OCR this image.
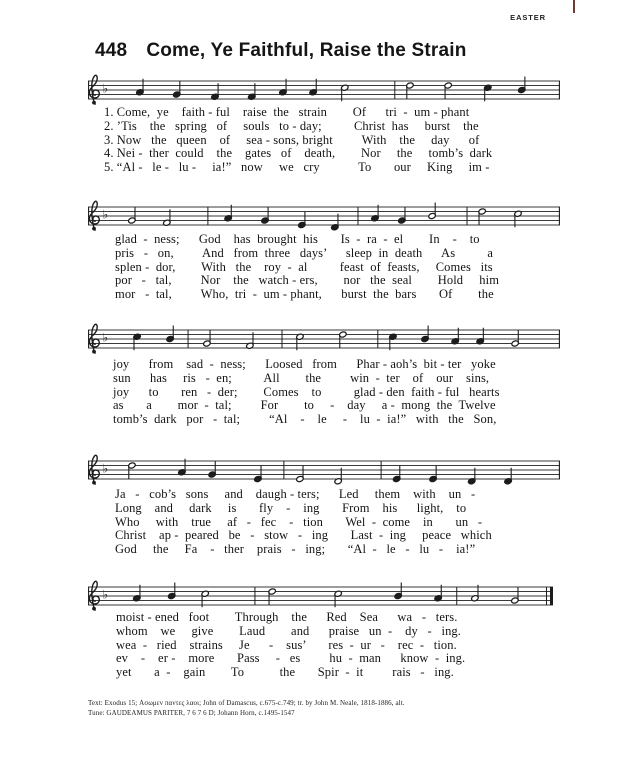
EASTER
448 Come, Ye Faithful, Raise the Strain
♭
1. Come,  ye    faith - ful    raise  the   strain        Of      tri  -  um - phant
2. ’Tis    the   spring   of     souls   to - day;          Christ  has     burst    the
3. Now   the   queen    of     sea - sons, bright         With    the     day      of
4. Nei -  ther  could    the    gates   of    death,        Nor     the     tomb’s  dark
5. “Al -   le -   lu -     ia!”   now     we   cry            To       our     King     im -
♭
glad  -  ness;      God    has  brought  his       Is  -  ra  -  el        In    -    to
pris   -   on,         And   from  three   days’      sleep  in  death      As          a
splen -  dor,        With   the    roy  -  al          feast  of  feasts,     Comes   its
por   -   tal,         Nor    the   watch - ers,        nor   the  seal        Hold     him
mor   -  tal,         Who,  tri  -  um - phant,      burst  the  bars       Of        the
♭
joy      from    sad  -  ness;      Loosed   from      Phar - aoh’s  bit - ter   yoke
sun      has     ris   -  en;          All        the         win  -  ter    of    our    sins,
joy      to       ren   -  der;        Comes    to          glad - den  faith - ful   hearts
as       a        mor  -  tal;         For        to     -    day     a -  mong  the  Twelve
tomb’s  dark   por   -  tal;         “Al    -    le     -    lu  -  ia!”   with   the   Son,
♭
Ja   -   cob’s   sons     and    daugh - ters;      Led     them    with    un   -
Long    and     dark     is       fly    -    ing       From    his      light,    to
Who     with    true     af   -   fec    -   tion       Wel  -  come    in       un   -
Christ    ap -  peared   be   -   stow   -   ing       Last  -  ing     peace   which
God     the     Fa    -   ther    prais   -   ing;       “Al  -   le   -   lu   -    ia!”
♭
moist - ened   foot        Through    the      Red    Sea      wa   -   ters.
whom    we     give        Laud        and      praise   un  -    dy   -   ing.
wea  -   ried    strains     Je      -    sus’       res  -  ur   -    rec  -   tion.
ev    -    er -    more       Pass     -   es         hu  -  man      know  -  ing.
yet       a  -    gain        To           the       Spir  -  it         rais   -   ing.
Text: Exodus 15; Ασωμεν παντες λαοι; John of Damascus, c.675-c.749; tr. by John M. Neale, 1818-1886, alt.
Tune: GAUDEAMUS PARITER, 7 6 7 6 D; Johann Horn, c.1495-1547
